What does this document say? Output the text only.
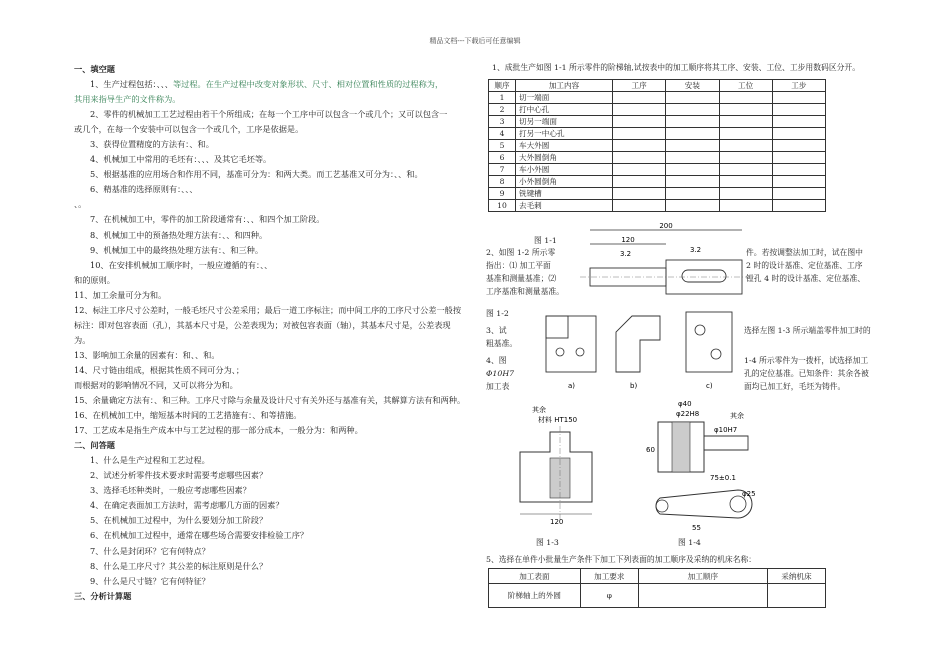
精品文档---下载后可任意编辑

一、填空题

1、生产过程包括：、、、等过程。在生产过程中改变对象形状、尺寸、相对位置和性质的过程称为，

其用来指导生产的文件称为。

2、零件的机械加工工艺过程由若干个所组成；在每一个工序中可以包含一个或几个；又可以包含一

或几个，在每一个安装中可以包含一个或几个，工序是依据是。

3、获得位置精度的方法有：、和。

4、机械加工中常用的毛坯有：、、、及其它毛坯等。

5、根据基准的应用场合和作用不同，基准可分为：和两大类。而工艺基准又可分为：、、和。

6、精基准的选择原则有：、、、

、。

7、在机械加工中，零件的加工阶段通常有：、、和四个加工阶段。

8、机械加工中的预备热处理方法有：、、和四种。

9、机械加工中的最终热处理方法有：、和三种。

10、在安排机械加工顺序时，一般应遵循的有：、、

和的原则。

11、加工余量可分为和。

12、标注工序尺寸公差时，一般毛坯尺寸公差采用；最后一道工序标注；而中间工序的工序尺寸公差一般按

标注：即对包容表面（孔），其基本尺寸是，公差表现为；对被包容表面（轴），其基本尺寸是，公差表现

为。

13、影响加工余量的因素有：和、、和。

14、尺寸链由组成，根据其性质不同可分为、；

而根据对的影响情况不同，又可以将分为和。

15、余量确定方法有：、和三种。工序尺寸除与余量及设计尺寸有关外还与基准有关，其解算方法有和两种。

16、在机械加工中，缩短基本时间的工艺措施有：、和等措施。

17、工艺成本是指生产成本中与工艺过程的那一部分成本，一般分为：和两种。

二、问答题

1、什么是生产过程和工艺过程。

2、试述分析零件技术要求时需要考虑哪些因素？

3、选择毛坯种类时，一般应考虑哪些因素？

4、在确定表面加工方法时，需考虑哪几方面的因素？

5、在机械加工过程中，为什么要划分加工阶段？

6、在机械加工过程中，通常在哪些场合需要安排检验工序？

7、什么是封闭环？它有何特点？

8、什么是工序尺寸？其公差的标注原则是什么？

9、什么是尺寸链？它有何特征？

三、分析计算题

1、成批生产如图 1-1 所示零件的阶梯轴,试按表中的加工顺序将其工序、安装、工位、工步用数码区分开。
顺序	加工内容	工序	安装	工位	工步
1	切一端面				
2	打中心孔				
3	切另一端面				
4	打另一中心孔				
5	车大外圆				
6	大外圆倒角				
7	车小外圆				
8	小外圆倒角				
9	铣键槽				
10	去毛刺				
200
120
3.2	3.2
图 1-1
2、如图 1-2 所示零
指出：⑴ 加工平面
基准和测量基准；⑵
工序基准和测量基准。
件。若按调整法加工时，试在图中
2 时的设计基准、定位基准、工序
镗孔 4 时的设计基准、定位基准、
a)	b)	c)
图 1-2
3、试
粗基准。
选择左图 1-3 所示端盖零件加工时的
4、图
Φ10H7
加工表
1-4 所示零件为一拨杆，试选择加工
孔的定位基准。已知条件：其余各被
面均已加工好，毛坯为铸件。
其余
材料 HT150
120
图 1-3
φ40
φ22H8	其余
φ10H7
60
75±0.1
φ25
55
图 1-4
5、选择在单件小批量生产条件下加工下列表面的加工顺序及采纳的机床名称：
加工表面	加工要求	加工顺序	采纳机床
阶梯轴上的外圆	φ		
